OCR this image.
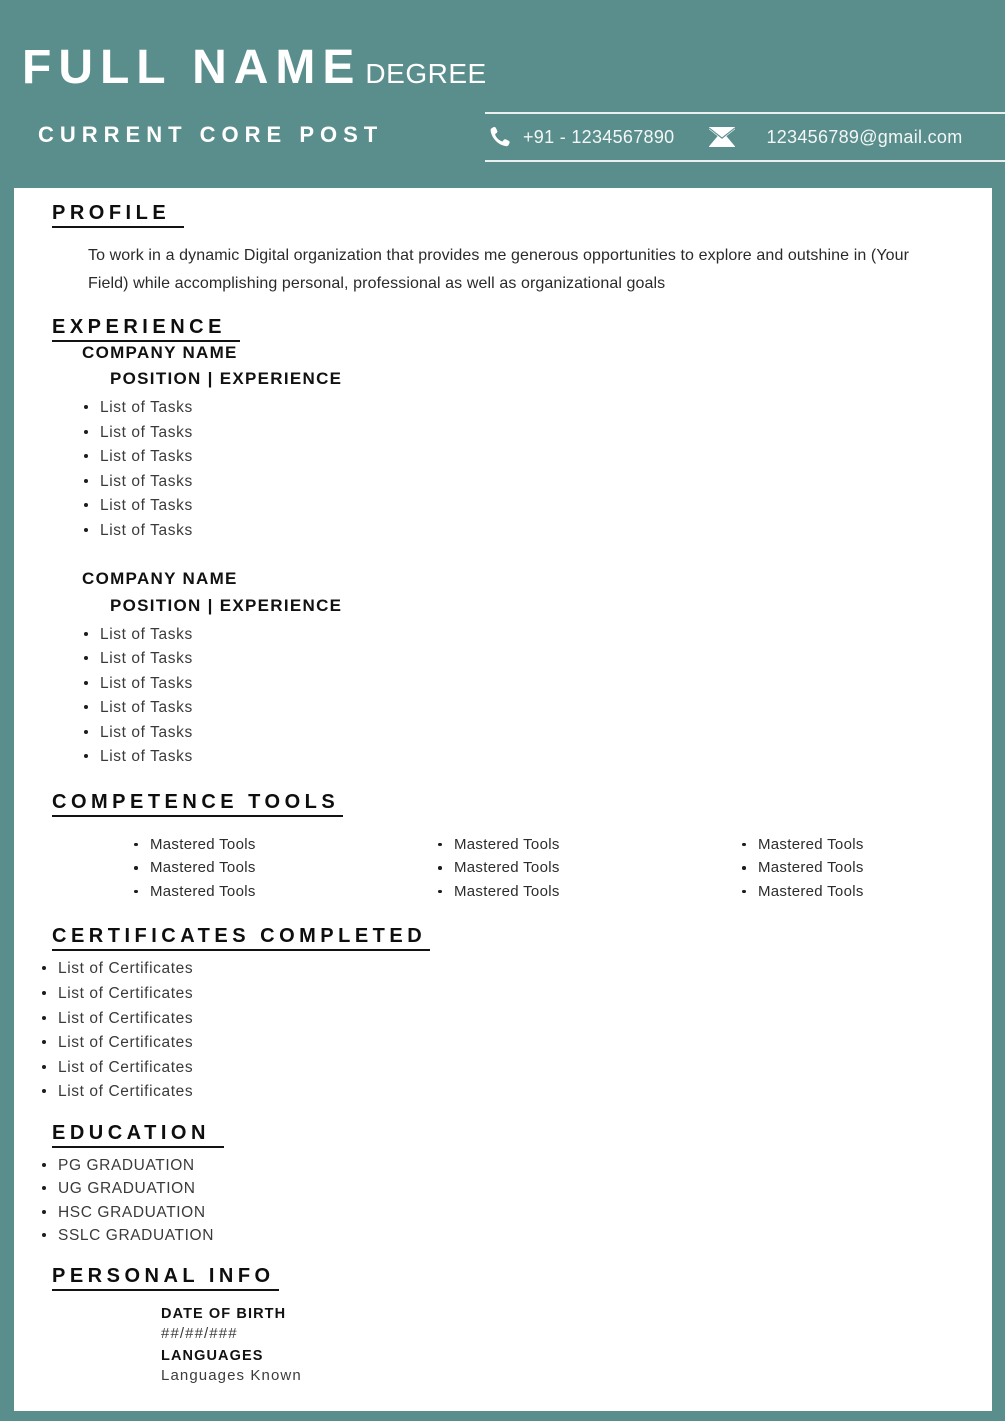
FULL NAME DEGREE
CURRENT CORE POST	+91 - 1234567890	123456789@gmail.com
PROFILE
To work in a dynamic Digital organization that provides me generous opportunities to explore and outshine in (Your Field) while accomplishing personal, professional as well as organizational goals
EXPERIENCE
COMPANY NAME
POSITION | EXPERIENCE
List of Tasks
List of Tasks
List of Tasks
List of Tasks
List of Tasks
List of Tasks
COMPANY NAME
POSITION | EXPERIENCE
List of Tasks
List of Tasks
List of Tasks
List of Tasks
List of Tasks
List of Tasks
COMPETENCE TOOLS
Mastered Tools
Mastered Tools
Mastered Tools
Mastered Tools
Mastered Tools
Mastered Tools
Mastered Tools
Mastered Tools
Mastered Tools
CERTIFICATES COMPLETED
List of Certificates
List of Certificates
List of Certificates
List of Certificates
List of Certificates
List of Certificates
EDUCATION
PG GRADUATION
UG GRADUATION
HSC GRADUATION
SSLC GRADUATION
PERSONAL INFO
DATE OF BIRTH
##/##/###
LANGUAGES
Languages Known
